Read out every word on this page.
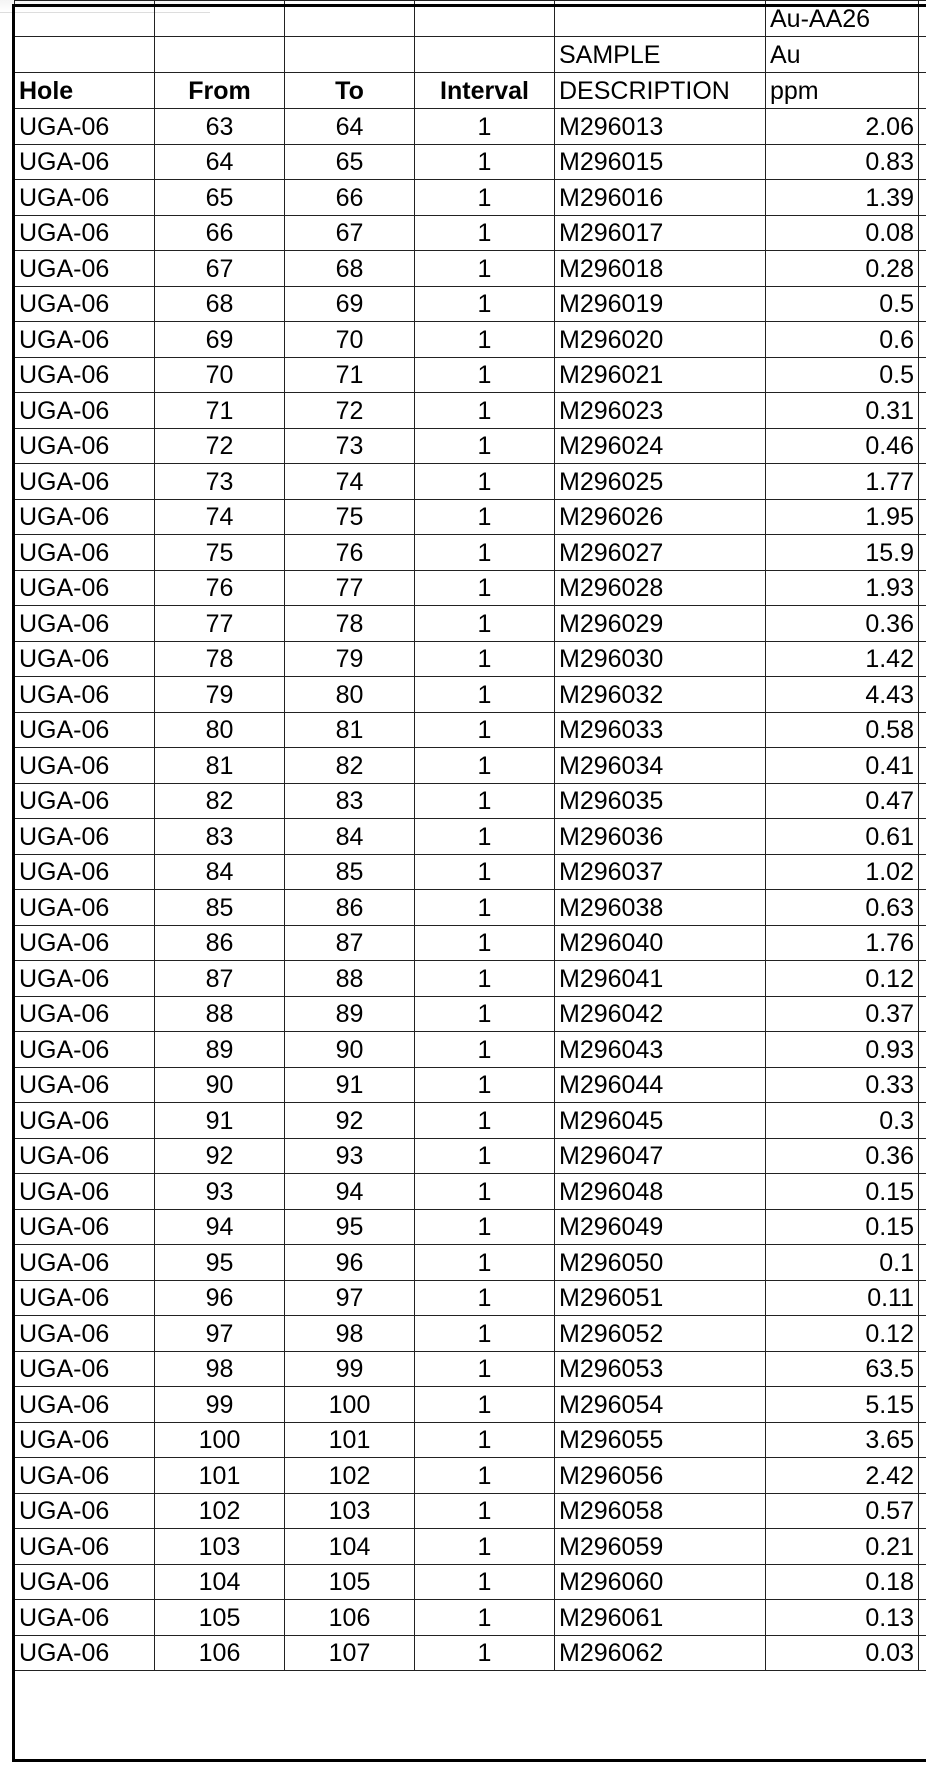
					Au-AA26	
				SAMPLE	Au	
Hole	From	To	Interval	DESCRIPTION	ppm	
UGA-06	63	64	1	M296013	2.06	
UGA-06	64	65	1	M296015	0.83	
UGA-06	65	66	1	M296016	1.39	
UGA-06	66	67	1	M296017	0.08	
UGA-06	67	68	1	M296018	0.28	
UGA-06	68	69	1	M296019	0.5	
UGA-06	69	70	1	M296020	0.6	
UGA-06	70	71	1	M296021	0.5	
UGA-06	71	72	1	M296023	0.31	
UGA-06	72	73	1	M296024	0.46	
UGA-06	73	74	1	M296025	1.77	
UGA-06	74	75	1	M296026	1.95	
UGA-06	75	76	1	M296027	15.9	
UGA-06	76	77	1	M296028	1.93	
UGA-06	77	78	1	M296029	0.36	
UGA-06	78	79	1	M296030	1.42	
UGA-06	79	80	1	M296032	4.43	
UGA-06	80	81	1	M296033	0.58	
UGA-06	81	82	1	M296034	0.41	
UGA-06	82	83	1	M296035	0.47	
UGA-06	83	84	1	M296036	0.61	
UGA-06	84	85	1	M296037	1.02	
UGA-06	85	86	1	M296038	0.63	
UGA-06	86	87	1	M296040	1.76	
UGA-06	87	88	1	M296041	0.12	
UGA-06	88	89	1	M296042	0.37	
UGA-06	89	90	1	M296043	0.93	
UGA-06	90	91	1	M296044	0.33	
UGA-06	91	92	1	M296045	0.3	
UGA-06	92	93	1	M296047	0.36	
UGA-06	93	94	1	M296048	0.15	
UGA-06	94	95	1	M296049	0.15	
UGA-06	95	96	1	M296050	0.1	
UGA-06	96	97	1	M296051	0.11	
UGA-06	97	98	1	M296052	0.12	
UGA-06	98	99	1	M296053	63.5	
UGA-06	99	100	1	M296054	5.15	
UGA-06	100	101	1	M296055	3.65	
UGA-06	101	102	1	M296056	2.42	
UGA-06	102	103	1	M296058	0.57	
UGA-06	103	104	1	M296059	0.21	
UGA-06	104	105	1	M296060	0.18	
UGA-06	105	106	1	M296061	0.13	
UGA-06	106	107	1	M296062	0.03	
